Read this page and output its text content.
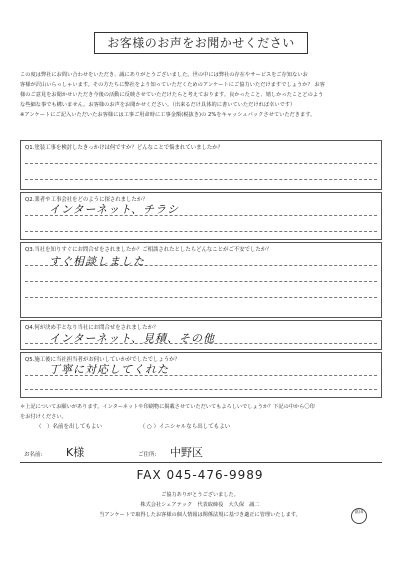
お客様のお声をお聞かせください

この度は弊社にお問い合わせをいただき、誠にありがとうございました。世の中には弊社の存在やサービスをご存知ないお

客様が沢山いらっしゃいます。その方たちに弊社をより知っていただくためのアンケートにご協力いただけますでしょうか？ お客

様のご意見をお聞かせいただき今後の活動に反映させていただけたらと考えております。良かったこと、嬉しかったことどのよう

な些細な事でも構いません。お客様のお声をお聞かせください。（出来るだけ具体的に書いていただければ幸いです）

※アンケートにご記入いただいたお客様には工事ご用命時に工事金額(税抜き)の 2%をキャッシュバックさせていただきます。

Q1.塗装工事を検討したきっかけは何ですか？どんなことで悩まれていましたか？
Q2.業者や工事会社をどのように探されましたか？
インターネット、チラシ
Q3.当社を知りすぐにお問合せをされましたか？ご相談されたとしたらどんなことがご不安でしたか？
すぐ相談しました
Q4.何が決め手となり当社にお問合せをされましたか？
インターネット、見積、その他
Q5.施工後に当社担当者がお伺いしていかがでしたでしょうか？
丁寧に対応してくれた

＊上記についてお願いがあります。インターネットや印刷物に掲載させていただいてもよろしいでしょうか？下記の中から〇印

をお付けください。

（　）名前を出してもよい	（ ○ ）イニシャルなら出してもよい
お名前: K様	ご住所: 中野区
FAX 045-476-9989

ご協力ありがとうございました。

株式会社シェアテック　代表取締役　大久保　誠二

当アンケートで取得したお客様の個人情報は関係法規に基づき適正に管理いたします。	富田
